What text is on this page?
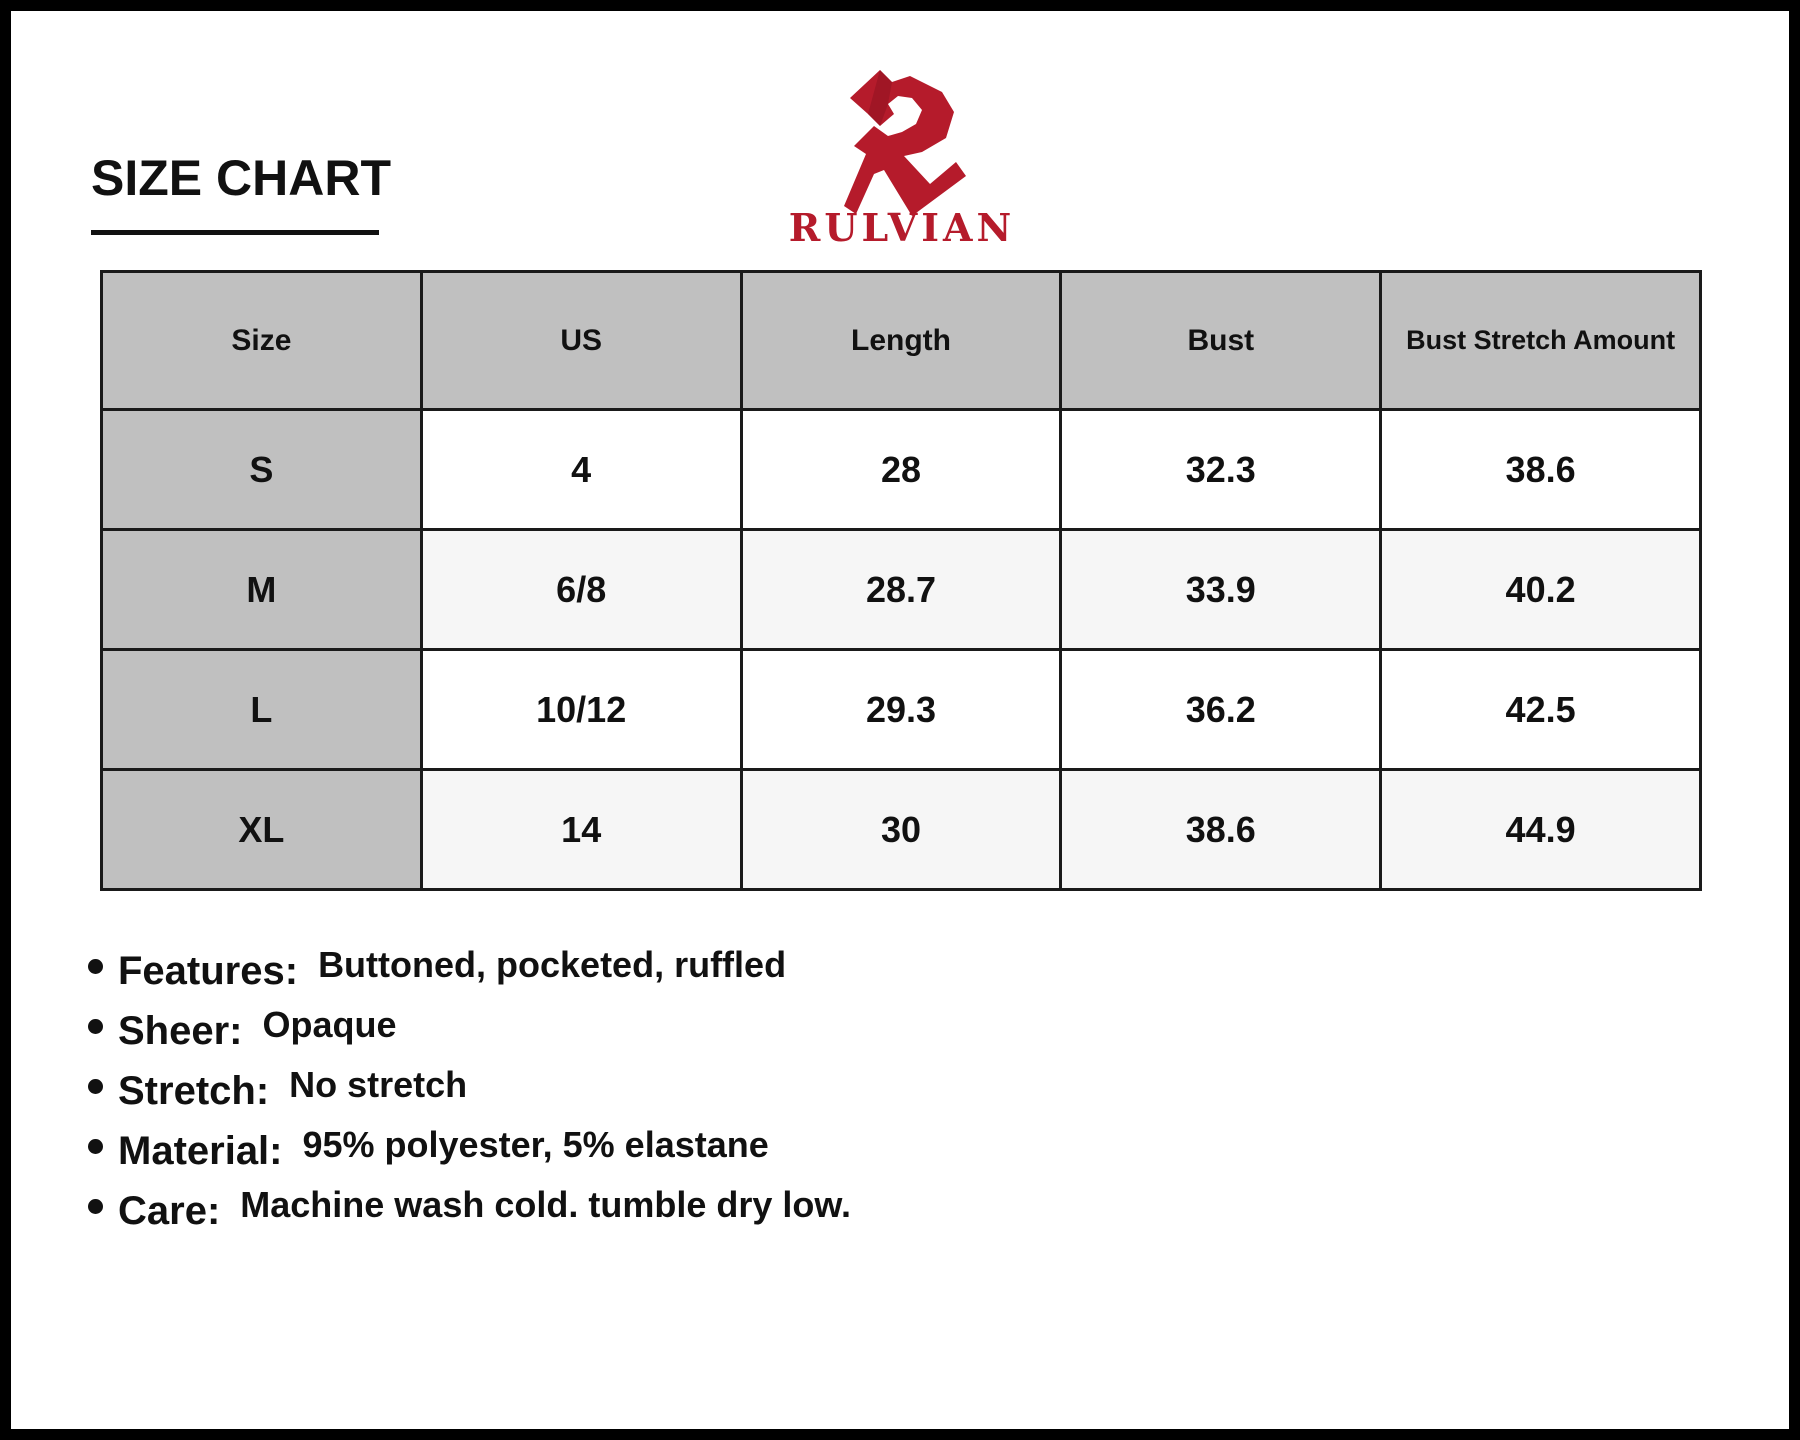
SIZE CHART
RULVIAN
Size	US	Length	Bust	Bust Stretch Amount
S	4	28	32.3	38.6
M	6/8	28.7	33.9	40.2
L	10/12	29.3	36.2	42.5
XL	14	30	38.6	44.9
Features: Buttoned, pocketed, ruffled
Sheer: Opaque
Stretch: No stretch
Material: 95% polyester, 5% elastane
Care: Machine wash cold. tumble dry low.
